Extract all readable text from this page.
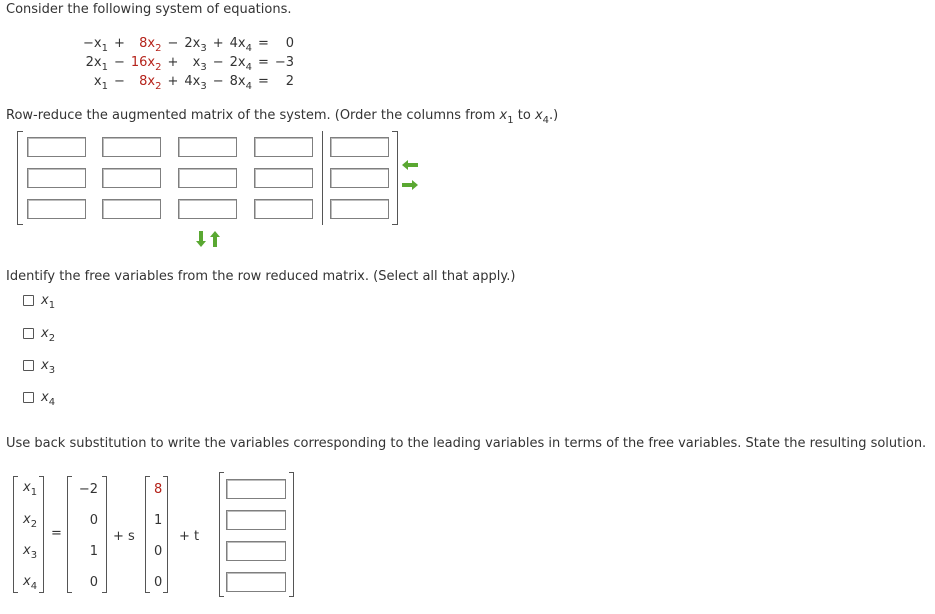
Consider the following system of equations.
$-x_1$	+	$8x_2$	−	$2x_3$	+	$4x_4$	=	0
$2x_1$	−	$16x_2$	+	$x_3$	−	$2x_4$	=	−3
$x_1$	−	$8x_2$	+	$4x_3$	−	$8x_4$	=	2
Row-reduce the augmented matrix of the system. (Order the columns from $x_1$ to $x_4$.)
Identify the free variables from the row reduced matrix. (Select all that apply.)
$x_1$
$x_2$
$x_3$
$x_4$
Use back substitution to write the variables corresponding to the leading variables in terms of the free variables. State the resulting solution.
$x_1$
$x_2$
$x_3$
$x_4$
=
−2
0
1
0
+ s
8
1
0
0
+ t
